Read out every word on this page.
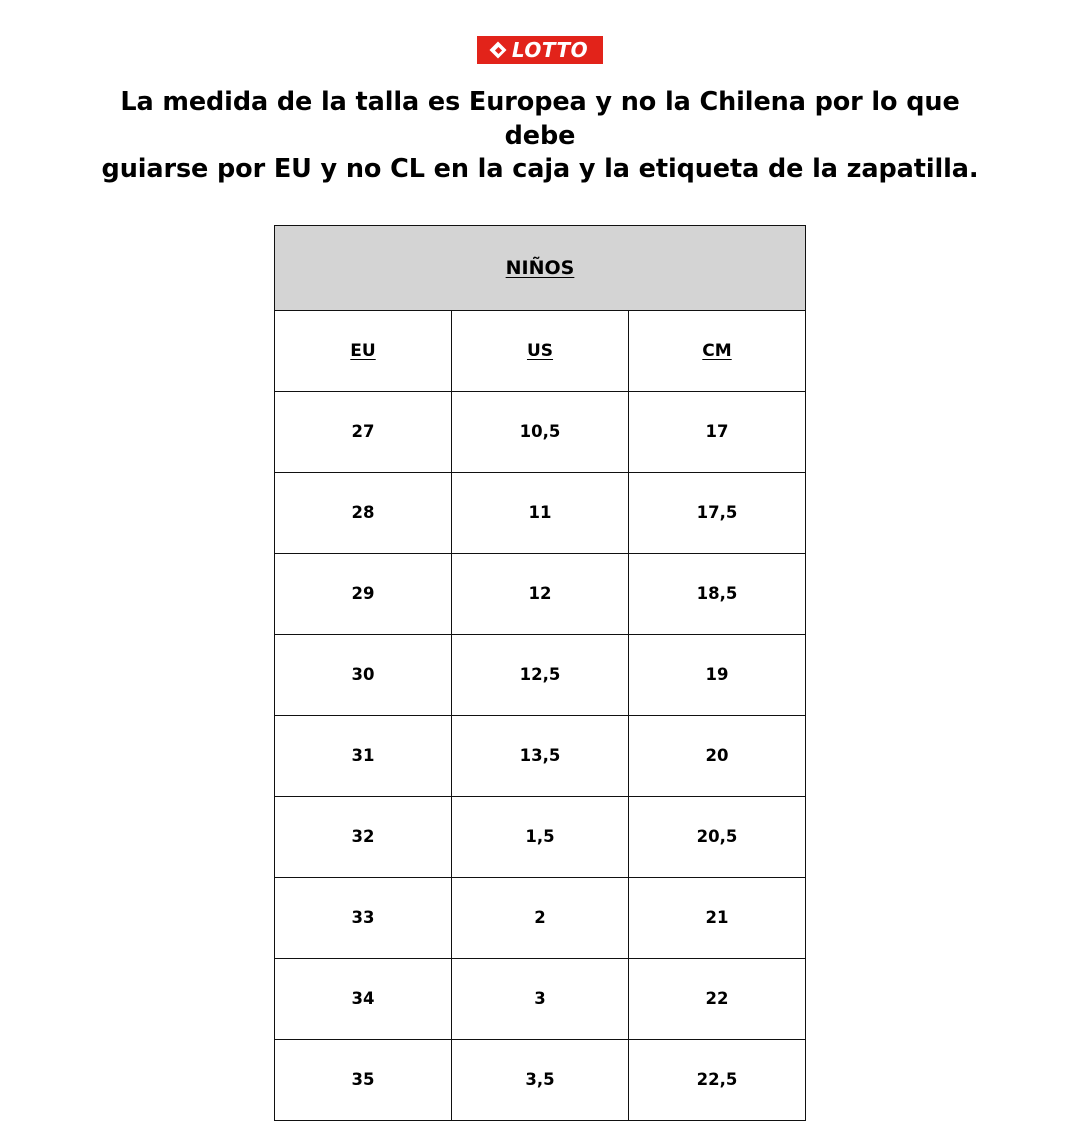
LOTTO
La medida de la talla es Europea y no la Chilena por lo que debe
guiarse por EU y no CL en la caja y la etiqueta de la zapatilla.
NIÑOS		
EU	US	CM
27	10,5	17
28	11	17,5
29	12	18,5
30	12,5	19
31	13,5	20
32	1,5	20,5
33	2	21
34	3	22
35	3,5	22,5
